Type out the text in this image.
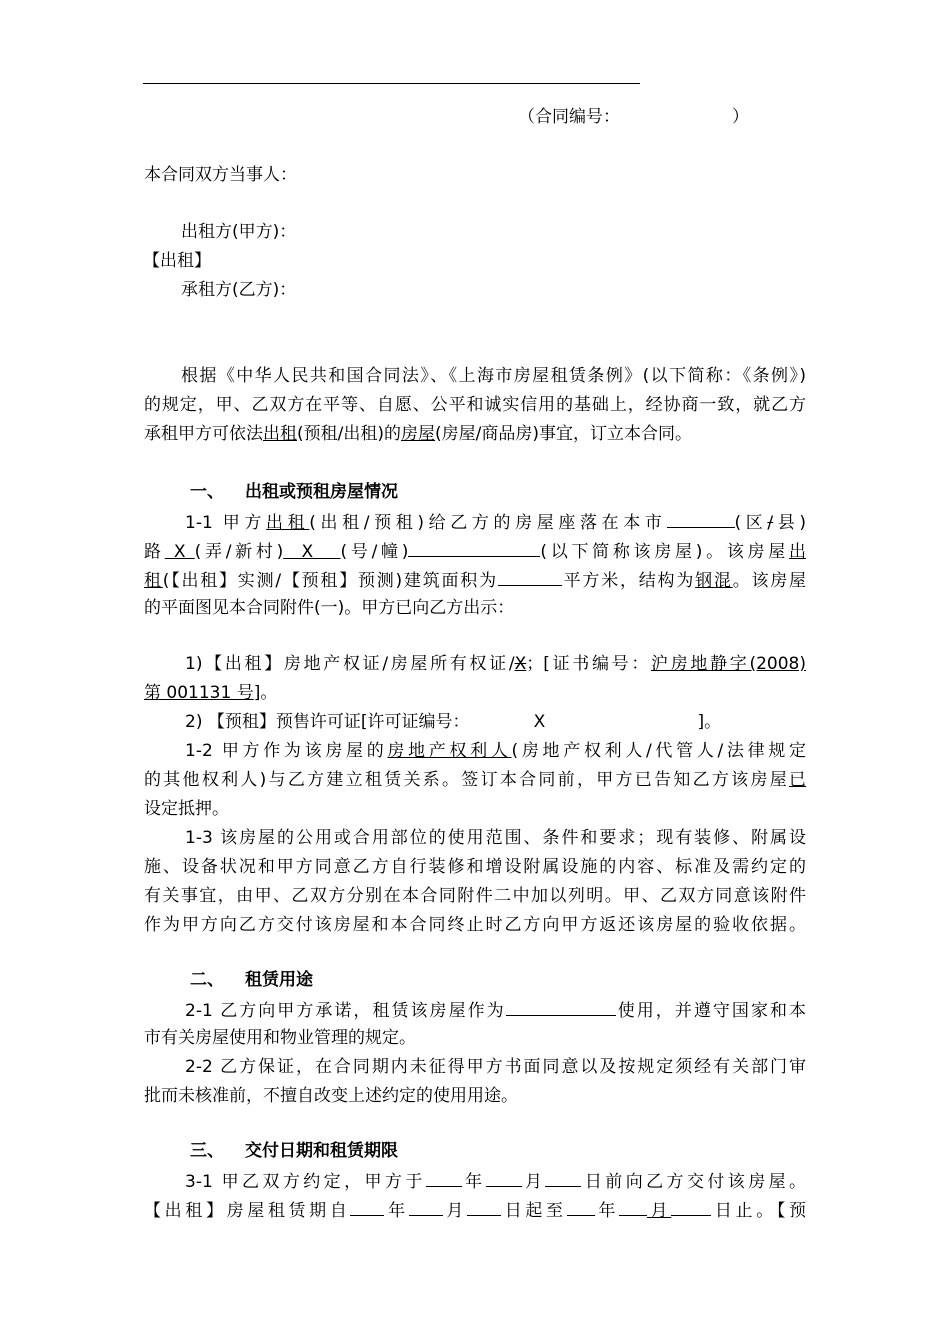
（合同编号：	）
本合同双方当事人：
出租方(甲方)：
【出租】
承租方(乙方)：
根据《中华人民共和国合同法》、《上海市房屋租赁条例》(以下简称：《条例》)
的规定，甲、乙双方在平等、自愿、公平和诚实信用的基础上，经协商一致，就乙方
承租甲方可依法出租(预租/出租)的房屋(房屋/商品房)事宜，订立本合同。
一、 出租或预租房屋情况
1-1 甲方出租(出租/预租)给乙方的房屋座落在本市	(区/县)
路 X (弄/新村)  X   (号/幢)	(以下简称该房屋)。该房屋出
租(【出租】实测/【预租】预测)建筑面积为	平方米，结构为钢混。该房屋
的平面图见本合同附件(一)。甲方已向乙方出示：
1)【出租】房地产权证/房屋所有权证/X；[证书编号：沪房地静字(2008)
第 001131 号]。
2) 【预租】预售许可证[许可证编号：	X	]。
1-2 甲方作为该房屋的房地产权利人(房地产权利人/代管人/法律规定
的其他权利人)与乙方建立租赁关系。签订本合同前，甲方已告知乙方该房屋已
设定抵押。
1-3 该房屋的公用或合用部位的使用范围、条件和要求；现有装修、附属设
施、设备状况和甲方同意乙方自行装修和增设附属设施的内容、标准及需约定的
有关事宜，由甲、乙双方分别在本合同附件二中加以列明。甲、乙双方同意该附件
作为甲方向乙方交付该房屋和本合同终止时乙方向甲方返还该房屋的验收依据。
二、 租赁用途
2-1 乙方向甲方承诺，租赁该房屋作为	使用，并遵守国家和本
市有关房屋使用和物业管理的规定。
2-2 乙方保证，在合同期内未征得甲方书面同意以及按规定须经有关部门审
批而未核准前，不擅自改变上述约定的使用用途。
三、 交付日期和租赁期限
3-1 甲乙双方约定，甲方于 年 月 日前向乙方交付该房屋。
【出租】房屋租赁期自 年 月 日起至 年 月 日止。【预
